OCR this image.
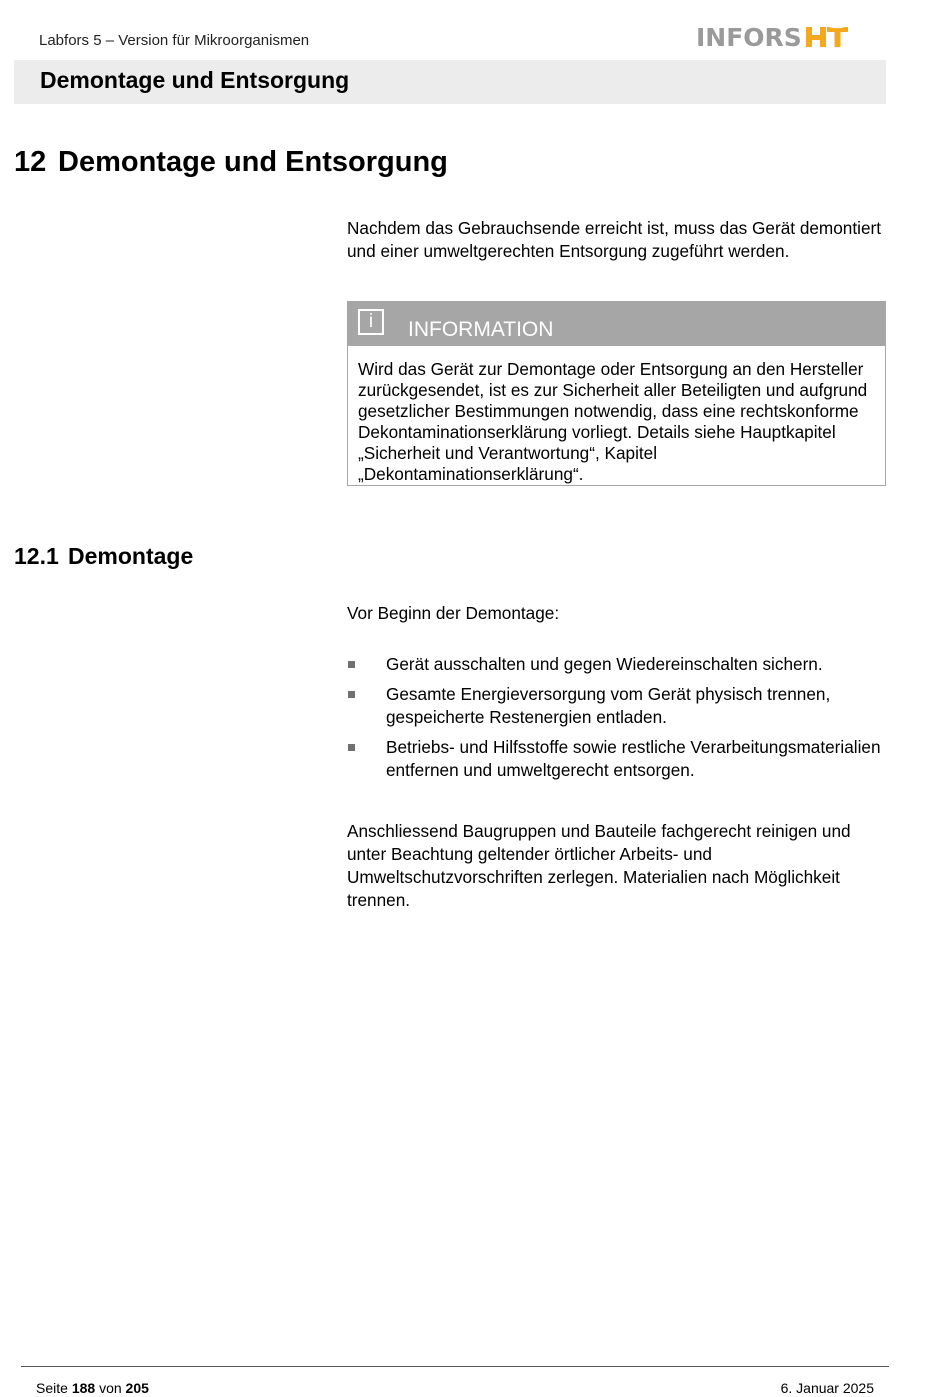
Labfors 5 – Version für Mikroorganismen	INFORS
Demontage und Entsorgung
12 Demontage und Entsorgung
Nachdem das Gebrauchsende erreicht ist, muss das Gerät demontiert und einer umweltgerechten Entsorgung zugeführt werden.
i	INFORMATION
Wird das Gerät zur Demontage oder Entsorgung an den Hersteller zurückgesendet, ist es zur Sicherheit aller Beteiligten und aufgrund gesetzlicher Bestimmungen notwendig, dass eine rechtskonforme Dekontaminationserklärung vorliegt. Details siehe Hauptkapitel „Sicherheit und Verantwortung“, Kapitel „Dekontaminationserklärung“.
12.1 Demontage
Vor Beginn der Demontage:
Gerät ausschalten und gegen Wiedereinschalten sichern.
Gesamte Energieversorgung vom Gerät physisch trennen, gespeicherte Restenergien entladen.
Betriebs- und Hilfsstoffe sowie restliche Verarbeitungsmaterialien entfernen und umweltgerecht entsorgen.
Anschliessend Baugruppen und Bauteile fachgerecht reinigen und unter Beachtung geltender örtlicher Arbeits- und Umweltschutzvorschriften zerlegen. Materialien nach Möglichkeit trennen.
Seite 188 von 205	6. Januar 2025
